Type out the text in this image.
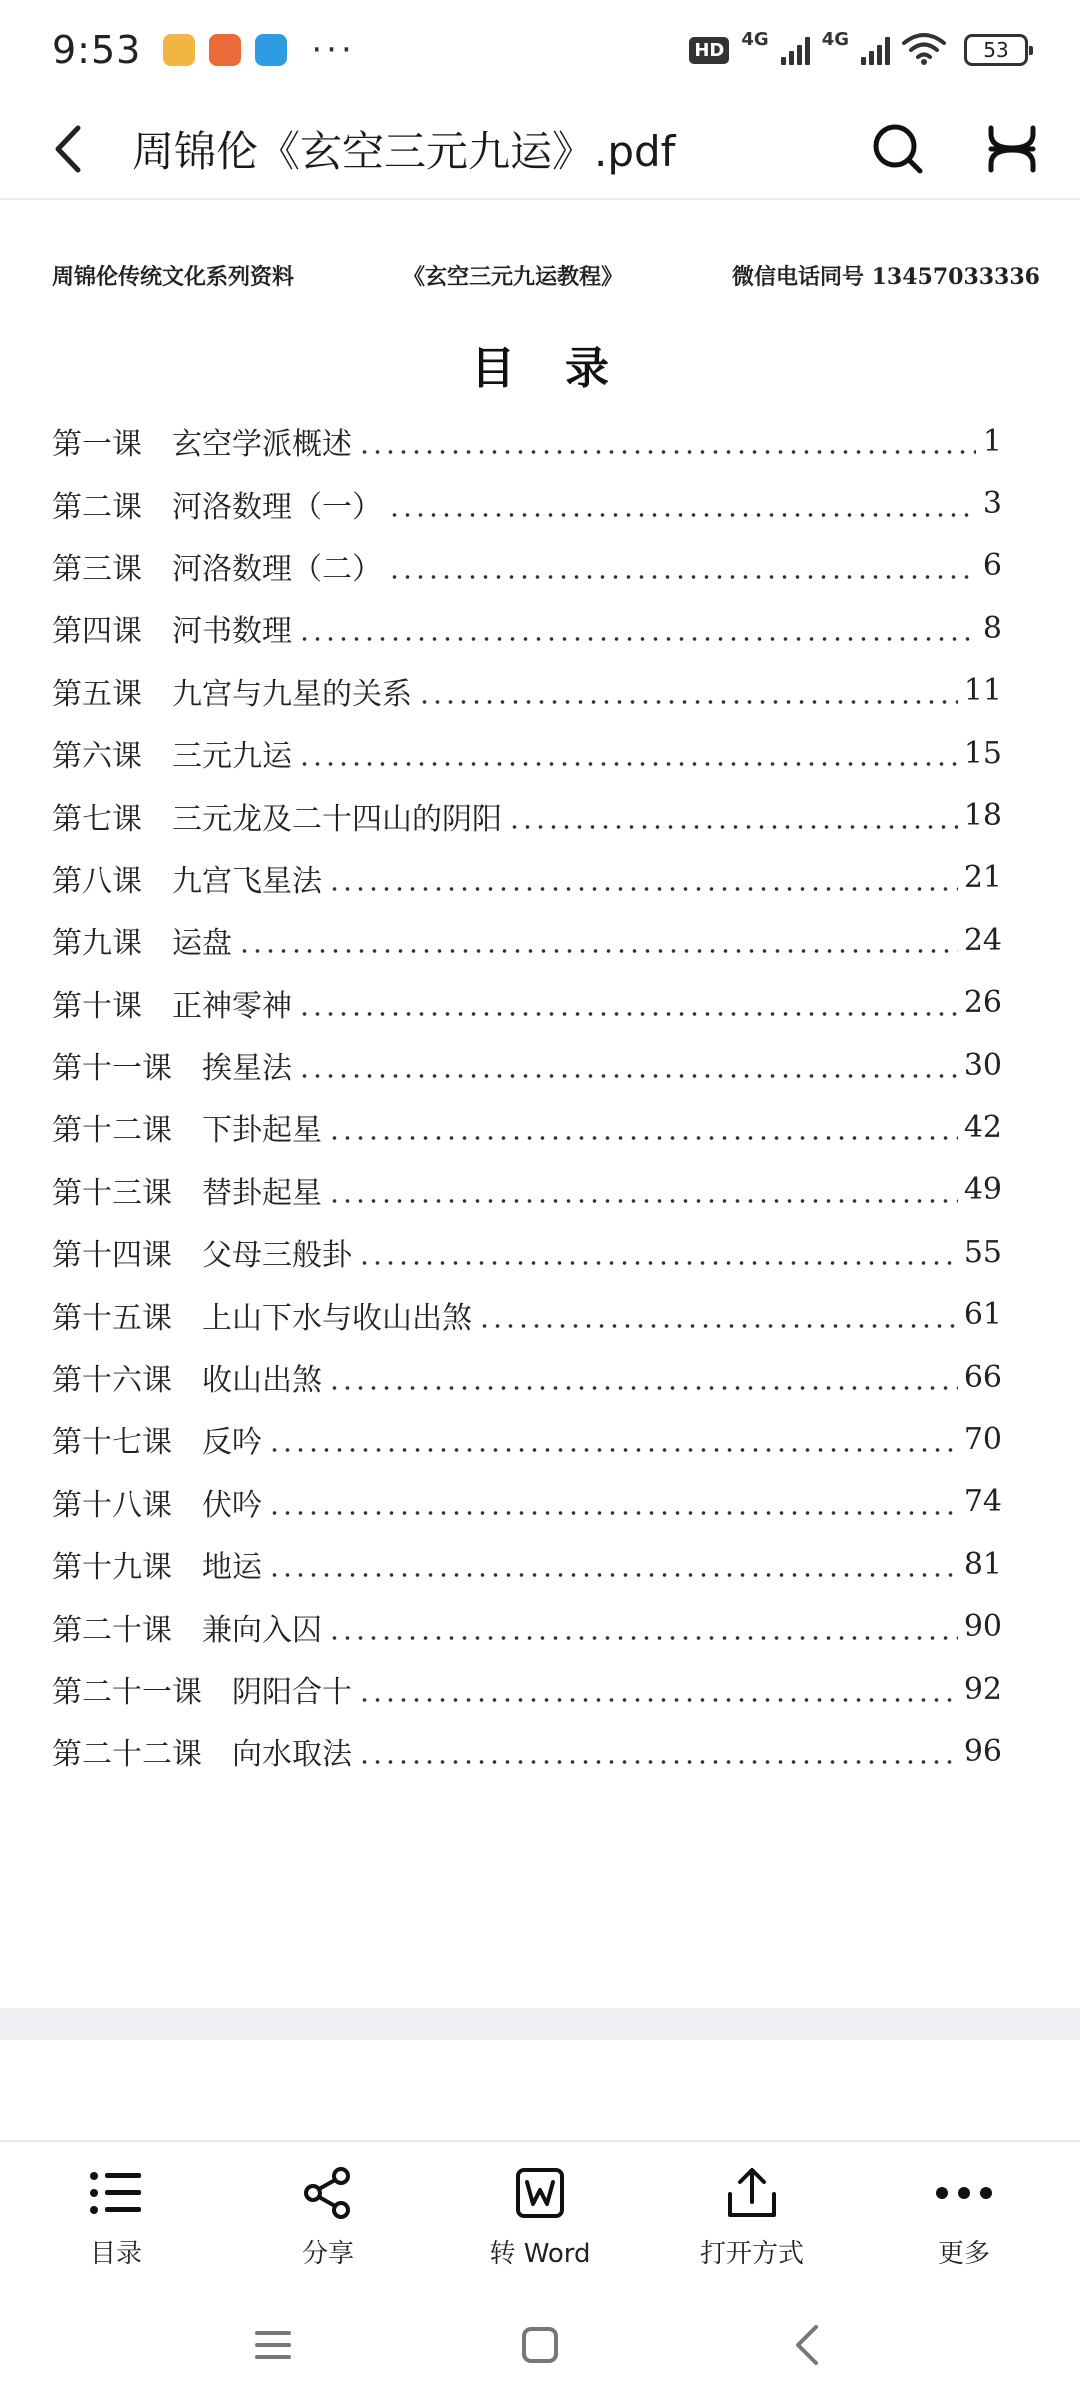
9:53	···	HD 4G	4G	53
周锦伦《玄空三元九运》.pdf
周锦伦传统文化系列资料	《玄空三元九运教程》	微信电话同号 13457033336
目录
第一课 玄空学派概述	1
第二课 河洛数理（一）	3
第三课 河洛数理（二）	6
第四课 河书数理	8
第五课 九宫与九星的关系	11
第六课 三元九运	15
第七课 三元龙及二十四山的阴阳	18
第八课 九宫飞星法	21
第九课 运盘	24
第十课 正神零神	26
第十一课 挨星法	30
第十二课 下卦起星	42
第十三课 替卦起星	49
第十四课 父母三般卦	55
第十五课 上山下水与收山出煞	61
第十六课 收山出煞	66
第十七课 反吟	70
第十八课 伏吟	74
第十九课 地运	81
第二十课 兼向入囚	90
第二十一课 阴阳合十	92
第二十二课 向水取法	96
目录	分享	转 Word	打开方式	更多
